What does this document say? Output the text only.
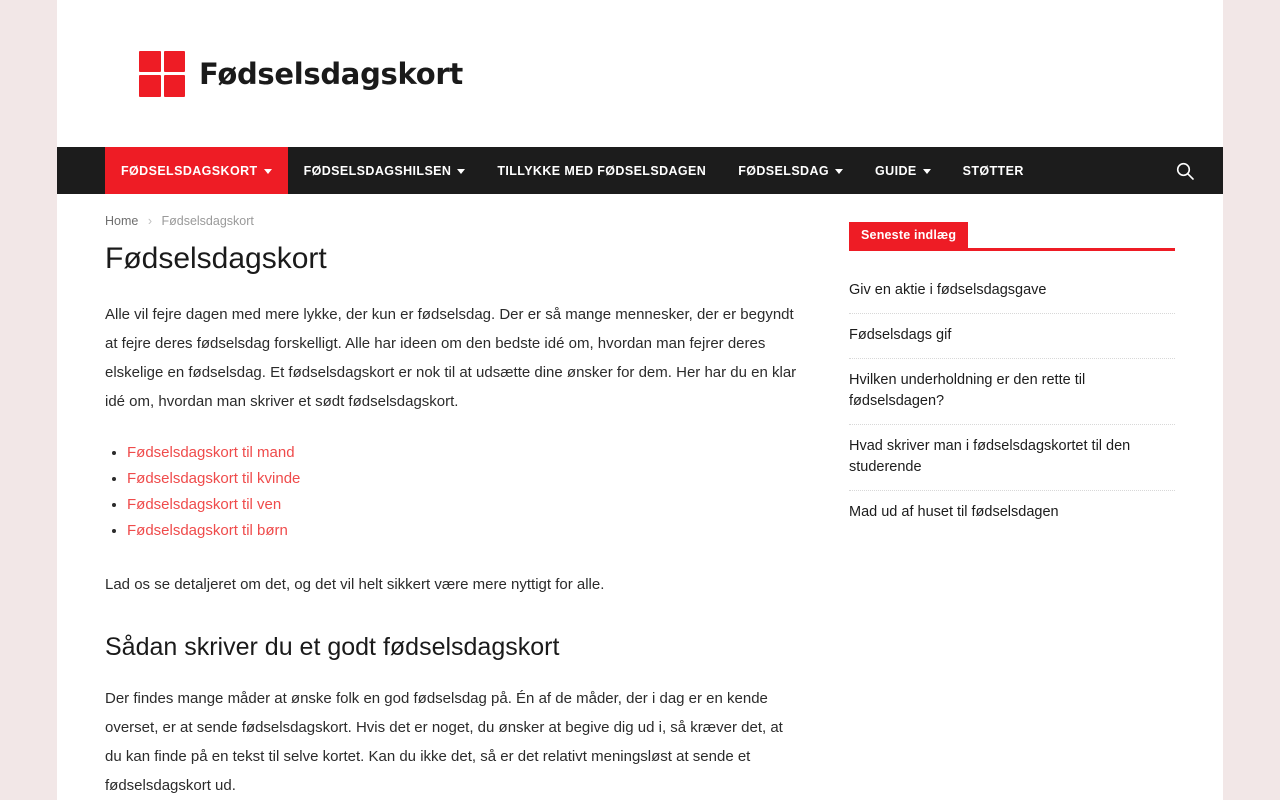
Fødselsdagskort
FØDSELSDAGSKORT	FØDSELSDAGSHILSEN	TILLYKKE MED FØDSELSDAGEN	FØDSELSDAG	GUIDE	STØTTER
Home › Fødselsdagskort
Fødselsdagskort

Alle vil fejre dagen med mere lykke, der kun er fødselsdag. Der er så mange mennesker, der er begyndt at fejre deres fødselsdag forskelligt. Alle har ideen om den bedste idé om, hvordan man fejrer deres elskelige en fødselsdag. Et fødselsdagskort er nok til at udsætte dine ønsker for dem. Her har du en klar idé om, hvordan man skriver et sødt fødselsdagskort.

• Fødselsdagskort til mand
• Fødselsdagskort til kvinde
• Fødselsdagskort til ven
• Fødselsdagskort til børn

Lad os se detaljeret om det, og det vil helt sikkert være mere nyttigt for alle.

Sådan skriver du et godt fødselsdagskort

Der findes mange måder at ønske folk en god fødselsdag på. Én af de måder, der i dag er en kende overset, er at sende fødselsdagskort. Hvis det er noget, du ønsker at begive dig ud i, så kræver det, at du kan finde på en tekst til selve kortet. Kan du ikke det, så er det relativt meningsløst at sende et fødselsdagskort ud.

Seneste indlæg
Giv en aktie i fødselsdagsgave
Fødselsdags gif
Hvilken underholdning er den rette til fødselsdagen?
Hvad skriver man i fødselsdagskortet til den studerende
Mad ud af huset til fødselsdagen
